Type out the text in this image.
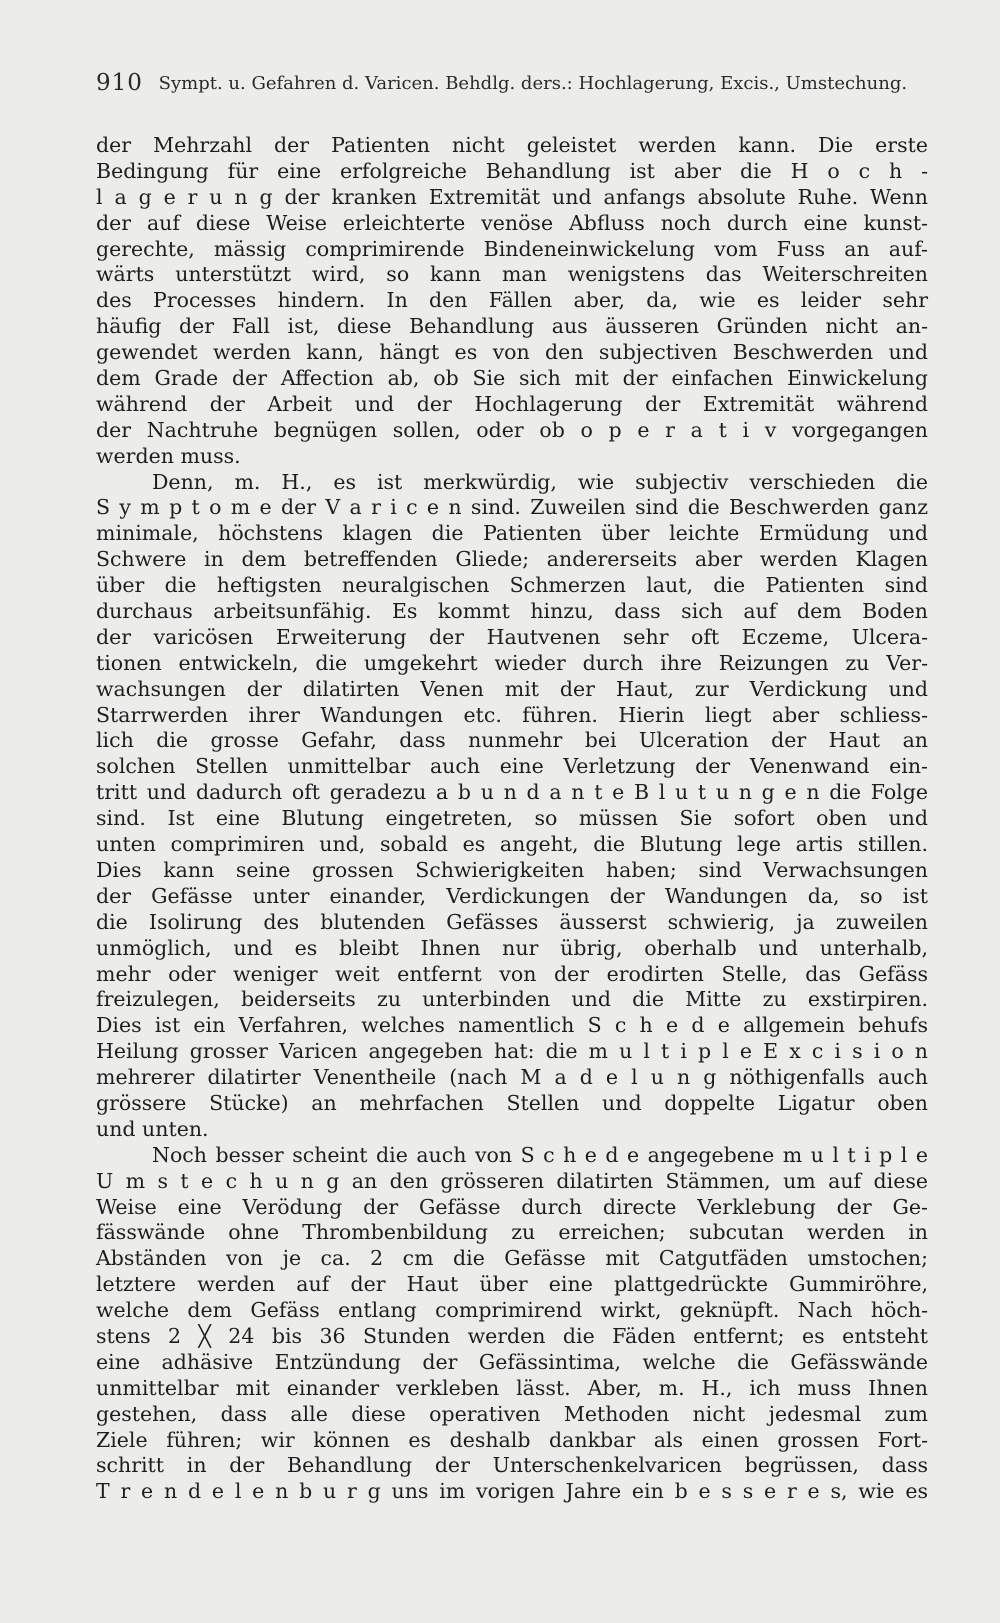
910 Sympt. u. Gefahren d. Varicen. Behdlg. ders.: Hochlagerung, Excis., Umstechung.
der Mehrzahl der Patienten nicht geleistet werden kann. Die erste
Bedingung für eine erfolgreiche Behandlung ist aber die H o c h -
l a g e r u n g der kranken Extremität und anfangs absolute Ruhe. Wenn
der auf diese Weise erleichterte venöse Abfluss noch durch eine kunst-
gerechte, mässig comprimirende Bindeneinwickelung vom Fuss an auf-
wärts unterstützt wird, so kann man wenigstens das Weiterschreiten
des Processes hindern. In den Fällen aber, da, wie es leider sehr
häufig der Fall ist, diese Behandlung aus äusseren Gründen nicht an-
gewendet werden kann, hängt es von den subjectiven Beschwerden und
dem Grade der Affection ab, ob Sie sich mit der einfachen Einwickelung
während der Arbeit und der Hochlagerung der Extremität während
der Nachtruhe begnügen sollen, oder ob o p e r a t i v vorgegangen
werden muss.
Denn, m. H., es ist merkwürdig, wie subjectiv verschieden die
S y m p t o m e der V a r i c e n sind. Zuweilen sind die Beschwerden ganz
minimale, höchstens klagen die Patienten über leichte Ermüdung und
Schwere in dem betreffenden Gliede; andererseits aber werden Klagen
über die heftigsten neuralgischen Schmerzen laut, die Patienten sind
durchaus arbeitsunfähig. Es kommt hinzu, dass sich auf dem Boden
der varicösen Erweiterung der Hautvenen sehr oft Eczeme, Ulcera-
tionen entwickeln, die umgekehrt wieder durch ihre Reizungen zu Ver-
wachsungen der dilatirten Venen mit der Haut, zur Verdickung und
Starrwerden ihrer Wandungen etc. führen. Hierin liegt aber schliess-
lich die grosse Gefahr, dass nunmehr bei Ulceration der Haut an
solchen Stellen unmittelbar auch eine Verletzung der Venenwand ein-
tritt und dadurch oft geradezu a b u n d a n t e B l u t u n g e n die Folge
sind. Ist eine Blutung eingetreten, so müssen Sie sofort oben und
unten comprimiren und, sobald es angeht, die Blutung lege artis stillen.
Dies kann seine grossen Schwierigkeiten haben; sind Verwachsungen
der Gefässe unter einander, Verdickungen der Wandungen da, so ist
die Isolirung des blutenden Gefässes äusserst schwierig, ja zuweilen
unmöglich, und es bleibt Ihnen nur übrig, oberhalb und unterhalb,
mehr oder weniger weit entfernt von der erodirten Stelle, das Gefäss
freizulegen, beiderseits zu unterbinden und die Mitte zu exstirpiren.
Dies ist ein Verfahren, welches namentlich S c h e d e allgemein behufs
Heilung grosser Varicen angegeben hat: die m u l t i p l e E x c i s i o n
mehrerer dilatirter Venentheile (nach M a d e l u n g nöthigenfalls auch
grössere Stücke) an mehrfachen Stellen und doppelte Ligatur oben
und unten.
Noch besser scheint die auch von S c h e d e angegebene m u l t i p l e
U m s t e c h u n g an den grösseren dilatirten Stämmen, um auf diese
Weise eine Verödung der Gefässe durch directe Verklebung der Ge-
fässwände ohne Thrombenbildung zu erreichen; subcutan werden in
Abständen von je ca. 2 cm die Gefässe mit Catgutfäden umstochen;
letztere werden auf der Haut über eine plattgedrückte Gummiröhre,
welche dem Gefäss entlang comprimirend wirkt, geknüpft. Nach höch-
stens 2 ╳ 24 bis 36 Stunden werden die Fäden entfernt; es entsteht
eine adhäsive Entzündung der Gefässintima, welche die Gefässwände
unmittelbar mit einander verkleben lässt. Aber, m. H., ich muss Ihnen
gestehen, dass alle diese operativen Methoden nicht jedesmal zum
Ziele führen; wir können es deshalb dankbar als einen grossen Fort-
schritt in der Behandlung der Unterschenkelvaricen begrüssen, dass
T r e n d e l e n b u r g uns im vorigen Jahre ein b e s s e r e s, wie es
